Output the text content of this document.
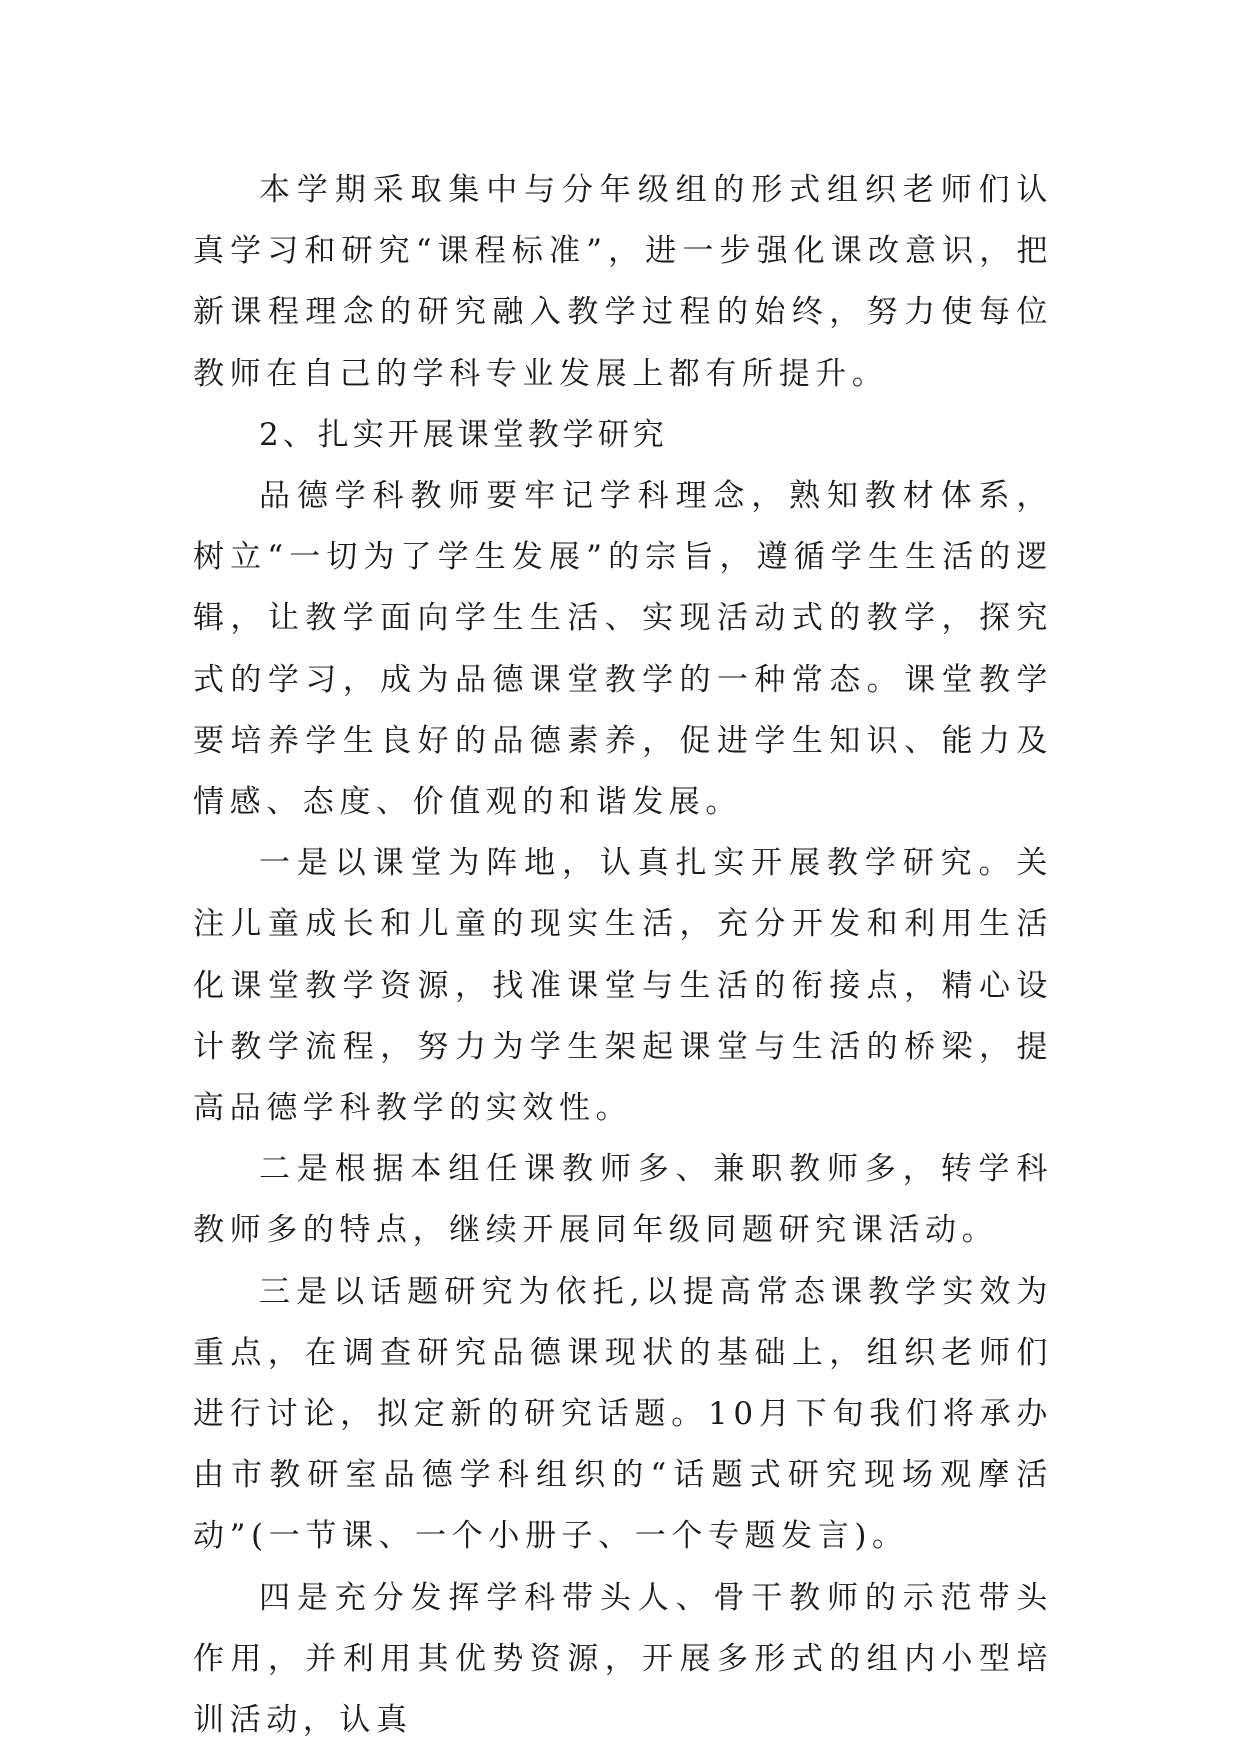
本学期采取集中与分年级组的形式组织老师们认真学习和研究“课程标准”，进一步强化课改意识，把新课程理念的研究融入教学过程的始终，努力使每位教师在自己的学科专业发展上都有所提升。

2、扎实开展课堂教学研究

品德学科教师要牢记学科理念，熟知教材体系，树立“一切为了学生发展”的宗旨，遵循学生生活的逻辑，让教学面向学生生活、实现活动式的教学，探究式的学习，成为品德课堂教学的一种常态。课堂教学要培养学生良好的品德素养，促进学生知识、能力及情感、态度、价值观的和谐发展。

一是以课堂为阵地，认真扎实开展教学研究。关注儿童成长和儿童的现实生活，充分开发和利用生活化课堂教学资源，找准课堂与生活的衔接点，精心设计教学流程，努力为学生架起课堂与生活的桥梁，提高品德学科教学的实效性。

二是根据本组任课教师多、兼职教师多，转学科教师多的特点，继续开展同年级同题研究课活动。

三是以话题研究为依托,以提高常态课教学实效为重点，在调查研究品德课现状的基础上，组织老师们进行讨论，拟定新的研究话题。10月下旬我们将承办由市教研室品德学科组织的“话题式研究现场观摩活动”(一节课、一个小册子、一个专题发言)。

四是充分发挥学科带头人、骨干教师的示范带头作用，并利用其优势资源，开展多形式的组内小型培训活动，认真
